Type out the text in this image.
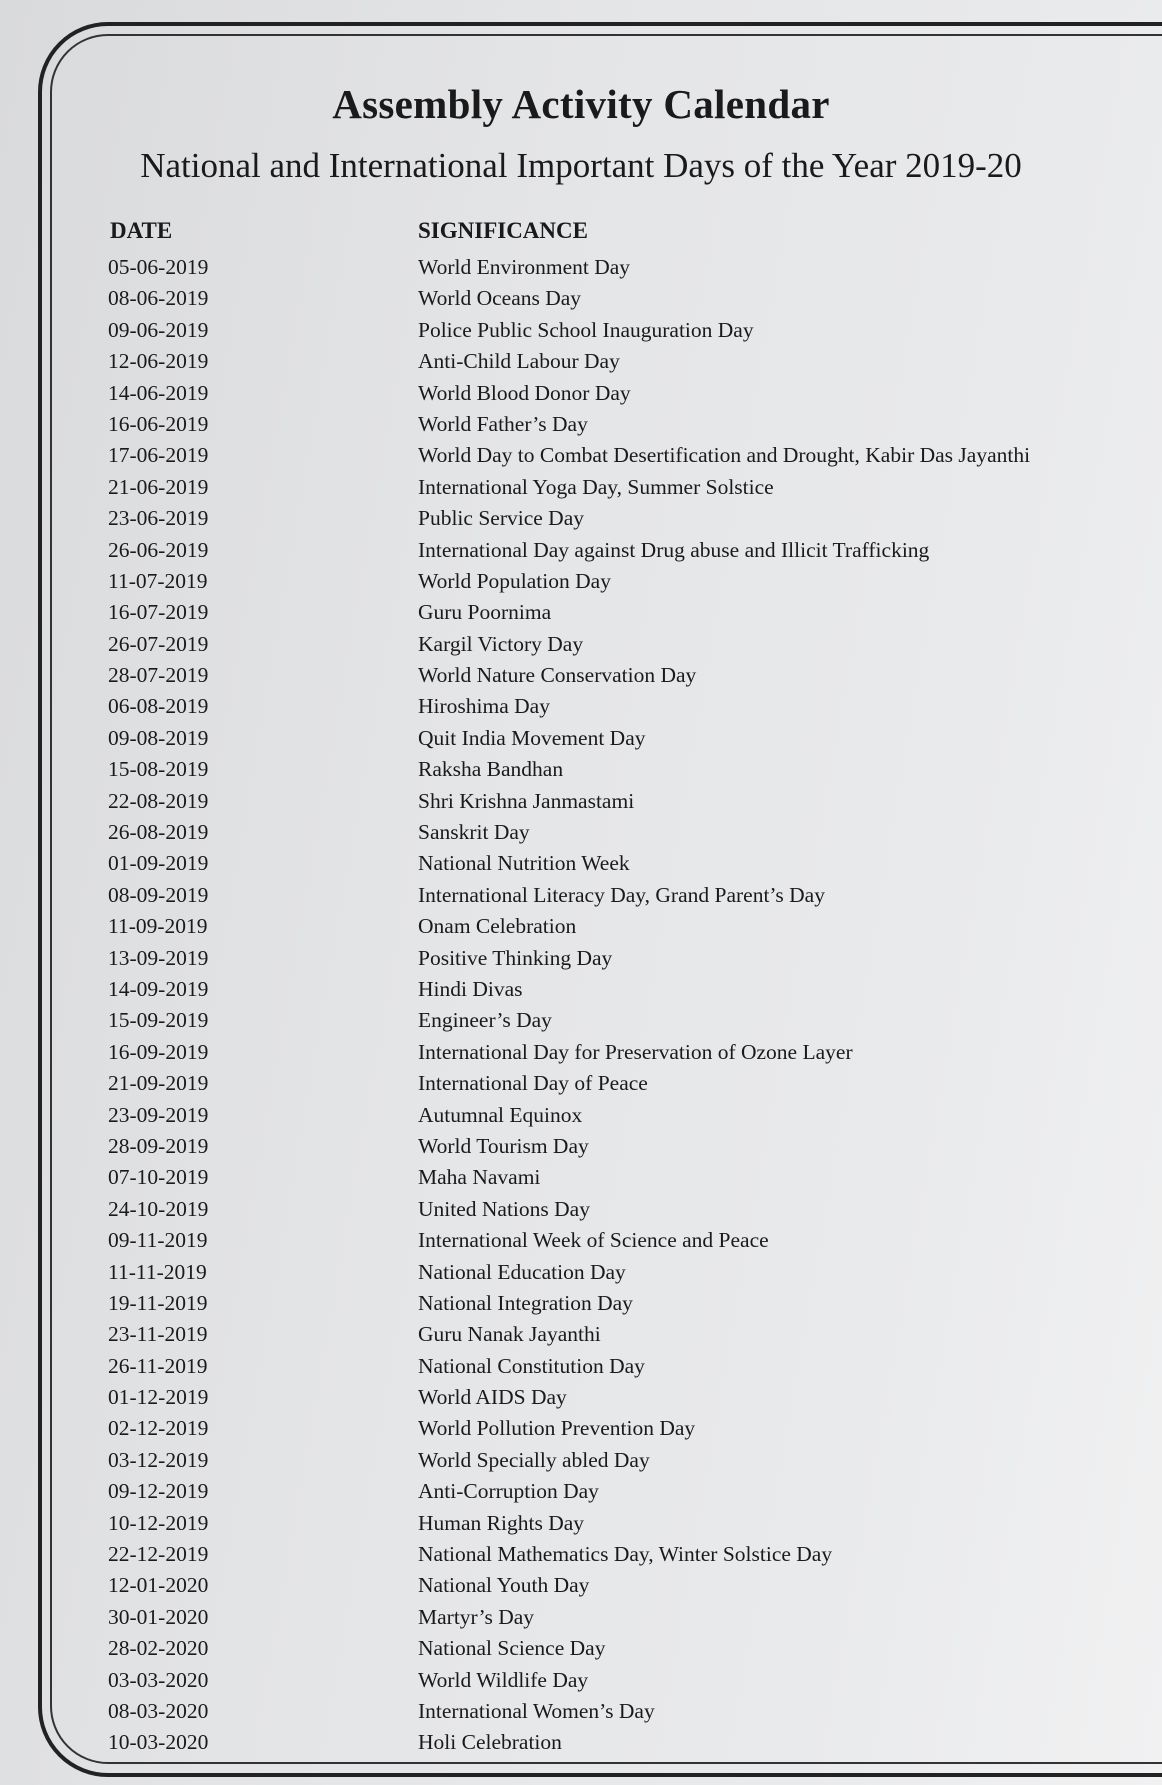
Assembly Activity Calendar
National and International Important Days of the Year 2019-20
DATE	SIGNIFICANCE
05-06-2019	World Environment Day
08-06-2019	World Oceans Day
09-06-2019	Police Public School Inauguration Day
12-06-2019	Anti-Child Labour Day
14-06-2019	World Blood Donor Day
16-06-2019	World Father’s Day
17-06-2019	World Day to Combat Desertification and Drought, Kabir Das Jayanthi
21-06-2019	International Yoga Day, Summer Solstice
23-06-2019	Public Service Day
26-06-2019	International Day against Drug abuse and Illicit Trafficking
11-07-2019	World Population Day
16-07-2019	Guru Poornima
26-07-2019	Kargil Victory Day
28-07-2019	World Nature Conservation Day
06-08-2019	Hiroshima Day
09-08-2019	Quit India Movement Day
15-08-2019	Raksha Bandhan
22-08-2019	Shri Krishna Janmastami
26-08-2019	Sanskrit Day
01-09-2019	National Nutrition Week
08-09-2019	International Literacy Day, Grand Parent’s Day
11-09-2019	Onam Celebration
13-09-2019	Positive Thinking Day
14-09-2019	Hindi Divas
15-09-2019	Engineer’s Day
16-09-2019	International Day for Preservation of Ozone Layer
21-09-2019	International Day of Peace
23-09-2019	Autumnal Equinox
28-09-2019	World Tourism Day
07-10-2019	Maha Navami
24-10-2019	United Nations Day
09-11-2019	International Week of Science and Peace
11-11-2019	National Education Day
19-11-2019	National Integration Day
23-11-2019	Guru Nanak Jayanthi
26-11-2019	National Constitution Day
01-12-2019	World AIDS Day
02-12-2019	World Pollution Prevention Day
03-12-2019	World Specially abled Day
09-12-2019	Anti-Corruption Day
10-12-2019	Human Rights Day
22-12-2019	National Mathematics Day, Winter Solstice Day
12-01-2020	National Youth Day
30-01-2020	Martyr’s Day
28-02-2020	National Science Day
03-03-2020	World Wildlife Day
08-03-2020	International Women’s Day
10-03-2020	Holi Celebration
